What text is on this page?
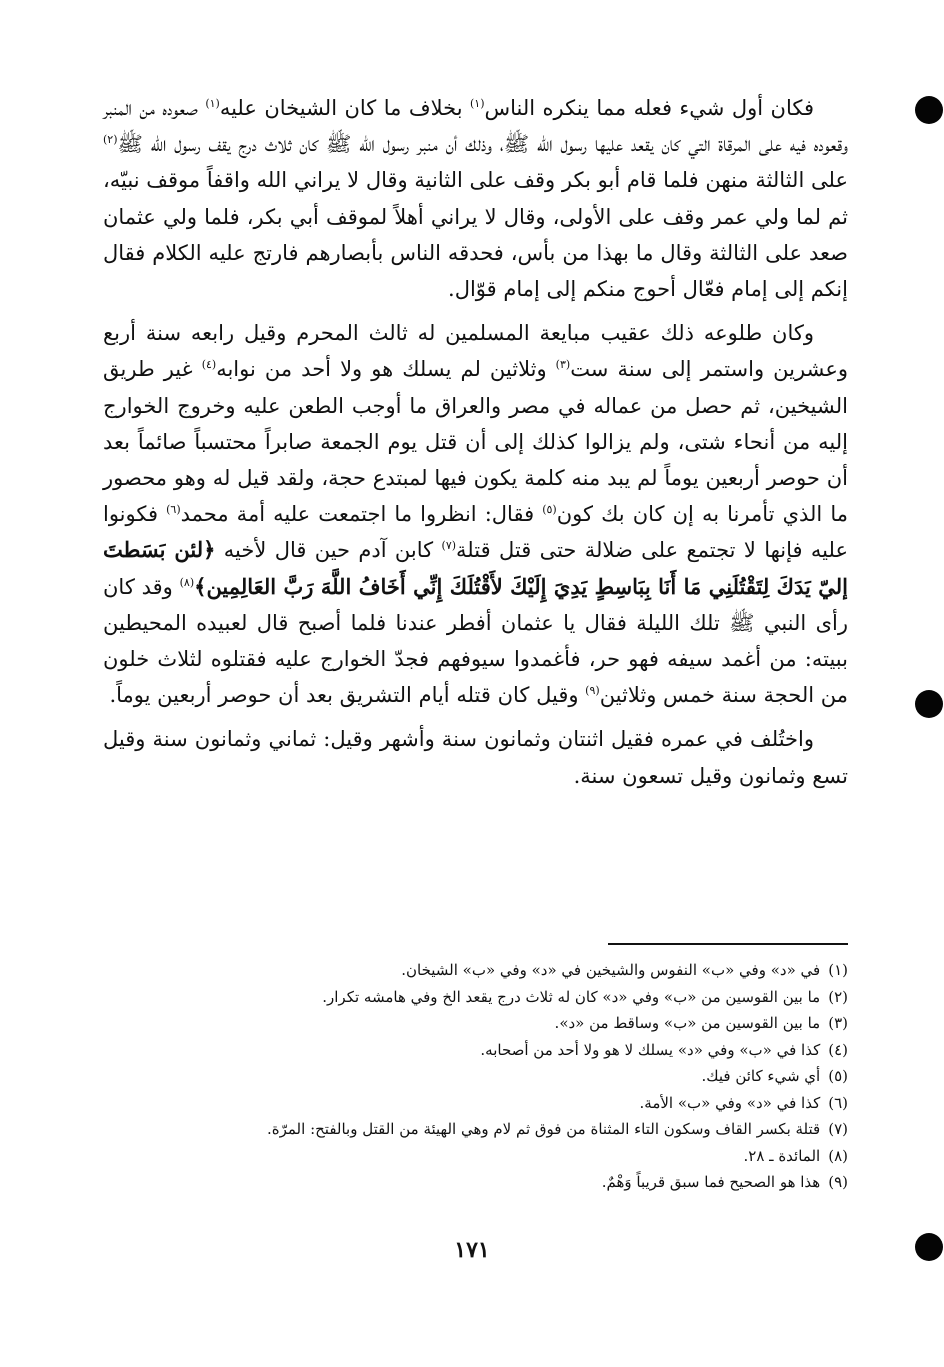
فكان أول شيء فعله مما ينكره الناس$^{(١)}$ بخلاف ما كان الشيخان عليه$^{(١)}$ صعوده من المنبر وقعوده فيه على المرقاة التي كان يقعد عليها رسول الله ﷺ، وذلك أن منبر رسول الله ﷺ كان ثلاث درج يقف رسول الله ﷺ$^{(٢)}$ على الثالثة منهن فلما قام أبو بكر وقف على الثانية وقال لا يراني الله واقفاً موقف نبيّه، ثم لما ولي عمر وقف على الأولى، وقال لا يراني أهلاً لموقف أبي بكر، فلما ولي عثمان صعد على الثالثة وقال ما بهذا من بأس، فحدقه الناس بأبصارهم فارتج عليه الكلام فقال إنكم إلى إمام فعّال أحوج منكم إلى إمام قوّال.

وكان طلوعه ذلك عقيب مبايعة المسلمين له ثالث المحرم وقيل رابعه سنة أربع وعشرين واستمر إلى سنة ست$^{(٣)}$ وثلاثين لم يسلك هو ولا أحد من نوابه$^{(٤)}$ غير طريق الشيخين، ثم حصل من عماله في مصر والعراق ما أوجب الطعن عليه وخروج الخوارج إليه من أنحاء شتى، ولم يزالوا كذلك إلى أن قتل يوم الجمعة صابراً محتسباً صائماً بعد أن حوصر أربعين يوماً لم يبد منه كلمة يكون فيها لمبتدع حجة، ولقد قيل له وهو محصور ما الذي تأمرنا به إن كان بك كون$^{(٥)}$ فقال: انظروا ما اجتمعت عليه أمة محمد$^{(٦)}$ فكونوا عليه فإنها لا تجتمع على ضلالة حتى قتل قتلة$^{(٧)}$ كابن آدم حين قال لأخيه ﴿لئن بَسَطتَ إليّ يَدَكَ لِتَقْتُلَنِي مَا أَنَا بِبَاسِطٍ يَدِيَ إِلَيْكَ لأَقْتُلَكَ إِنِّي أَخَافُ اللَّهَ رَبَّ العَالِمِين﴾$^{(٨)}$ وقد كان رأى النبي ﷺ تلك الليلة فقال يا عثمان أفطر عندنا فلما أصبح قال لعبيده المحيطين ببيته: من أغمد سيفه فهو حر، فأغمدوا سيوفهم فجدّ الخوارج عليه فقتلوه لثلاث خلون من الحجة سنة خمس وثلاثين$^{(٩)}$ وقيل كان قتله أيام التشريق بعد أن حوصر أربعين يوماً.

واختُلف في عمره فقيل اثنتان وثمانون سنة وأشهر وقيل: ثماني وثمانون سنة وقيل تسع وثمانون وقيل تسعون سنة.

(١)في «د» وفي «ب» النفوس والشيخين في «د» وفي «ب» الشيخان.
(٢)ما بين القوسين من «ب» وفي «د» كان له ثلاث درج يقعد الخ وفي هامشه تكرار.
(٣)ما بين القوسين من «ب» وساقط من «د».
(٤)كذا في «ب» وفي «د» يسلك لا هو ولا أحد من أصحابه.
(٥)أي شيء كائن فيك.
(٦)كذا في «د» وفي «ب» الأمة.
(٧)قتلة بكسر القاف وسكون التاء المثناة من فوق ثم لام وهي الهيئة من القتل وبالفتح: المرّة.
(٨)المائدة ـ ٢٨.
(٩)هذا هو الصحيح فما سبق قريباً وَهْمٌ.
١٧١
